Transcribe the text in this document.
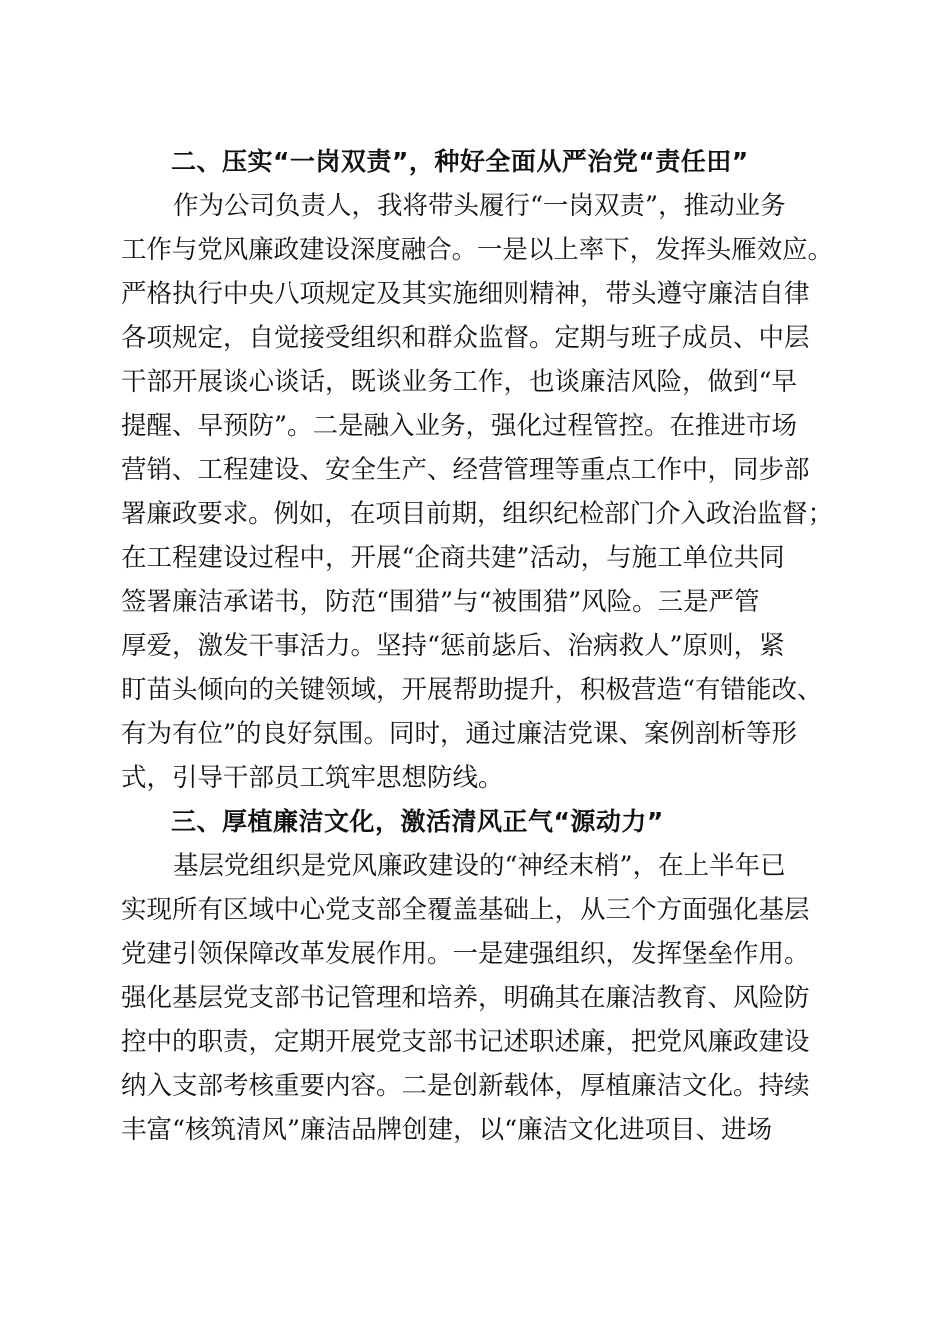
二、压实“一岗双责”，种好全面从严治党“责任田”

作为公司负责人，我将带头履行“一岗双责”，推动业务

工作与党风廉政建设深度融合。一是以上率下，发挥头雁效应。

严格执行中央八项规定及其实施细则精神，带头遵守廉洁自律

各项规定，自觉接受组织和群众监督。定期与班子成员、中层

干部开展谈心谈话，既谈业务工作，也谈廉洁风险，做到“早

提醒、早预防”。二是融入业务，强化过程管控。在推进市场

营销、工程建设、安全生产、经营管理等重点工作中，同步部

署廉政要求。例如，在项目前期，组织纪检部门介入政治监督；

在工程建设过程中，开展“企商共建”活动，与施工单位共同

签署廉洁承诺书，防范“围猎”与“被围猎”风险。三是严管

厚爱，激发干事活力。坚持“惩前毖后、治病救人”原则，紧

盯苗头倾向的关键领域，开展帮助提升，积极营造“有错能改、

有为有位”的良好氛围。同时，通过廉洁党课、案例剖析等形

式，引导干部员工筑牢思想防线。

三、厚植廉洁文化，激活清风正气“源动力”

基层党组织是党风廉政建设的“神经末梢”，在上半年已

实现所有区域中心党支部全覆盖基础上，从三个方面强化基层

党建引领保障改革发展作用。一是建强组织，发挥堡垒作用。

强化基层党支部书记管理和培养，明确其在廉洁教育、风险防

控中的职责，定期开展党支部书记述职述廉，把党风廉政建设

纳入支部考核重要内容。二是创新载体，厚植廉洁文化。持续

丰富“核筑清风”廉洁品牌创建，以“廉洁文化进项目、进场
